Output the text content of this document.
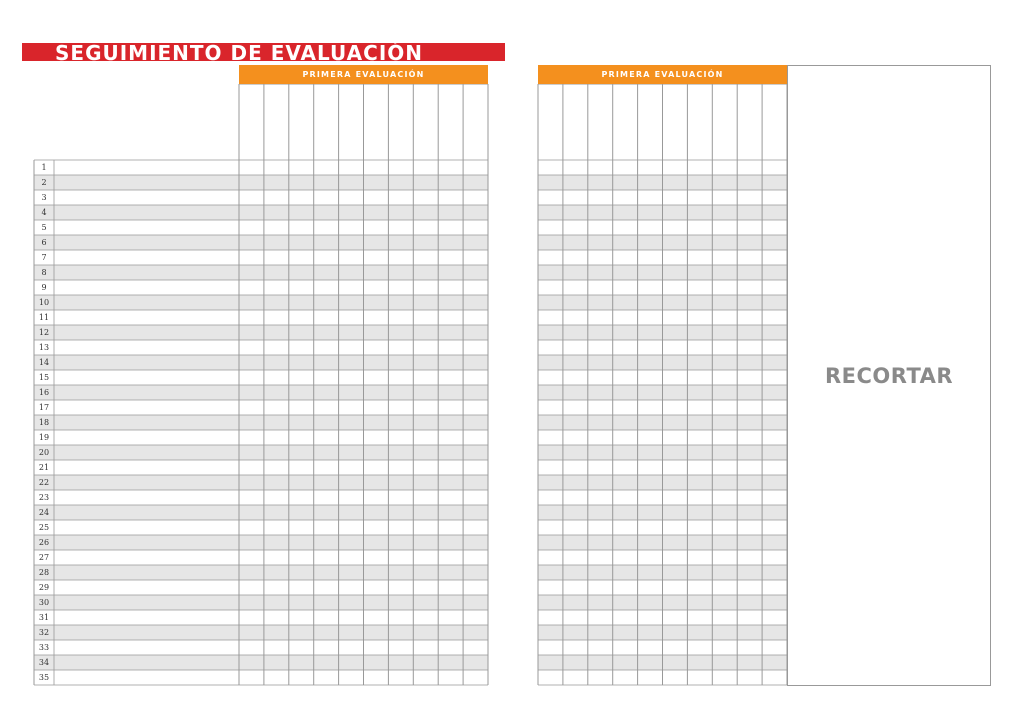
SEGUIMIENTO DE EVALUACIÓN
PRIMERA EVALUACIÓN	PRIMERA EVALUACIÓN
1
2
3
4
5
6
7
8
9
10
11
12
13
14
15
16
17
18
19
20
21
22
23
24
25
26
27
28
29
30
31
32
33
34
35
RECORTAR
